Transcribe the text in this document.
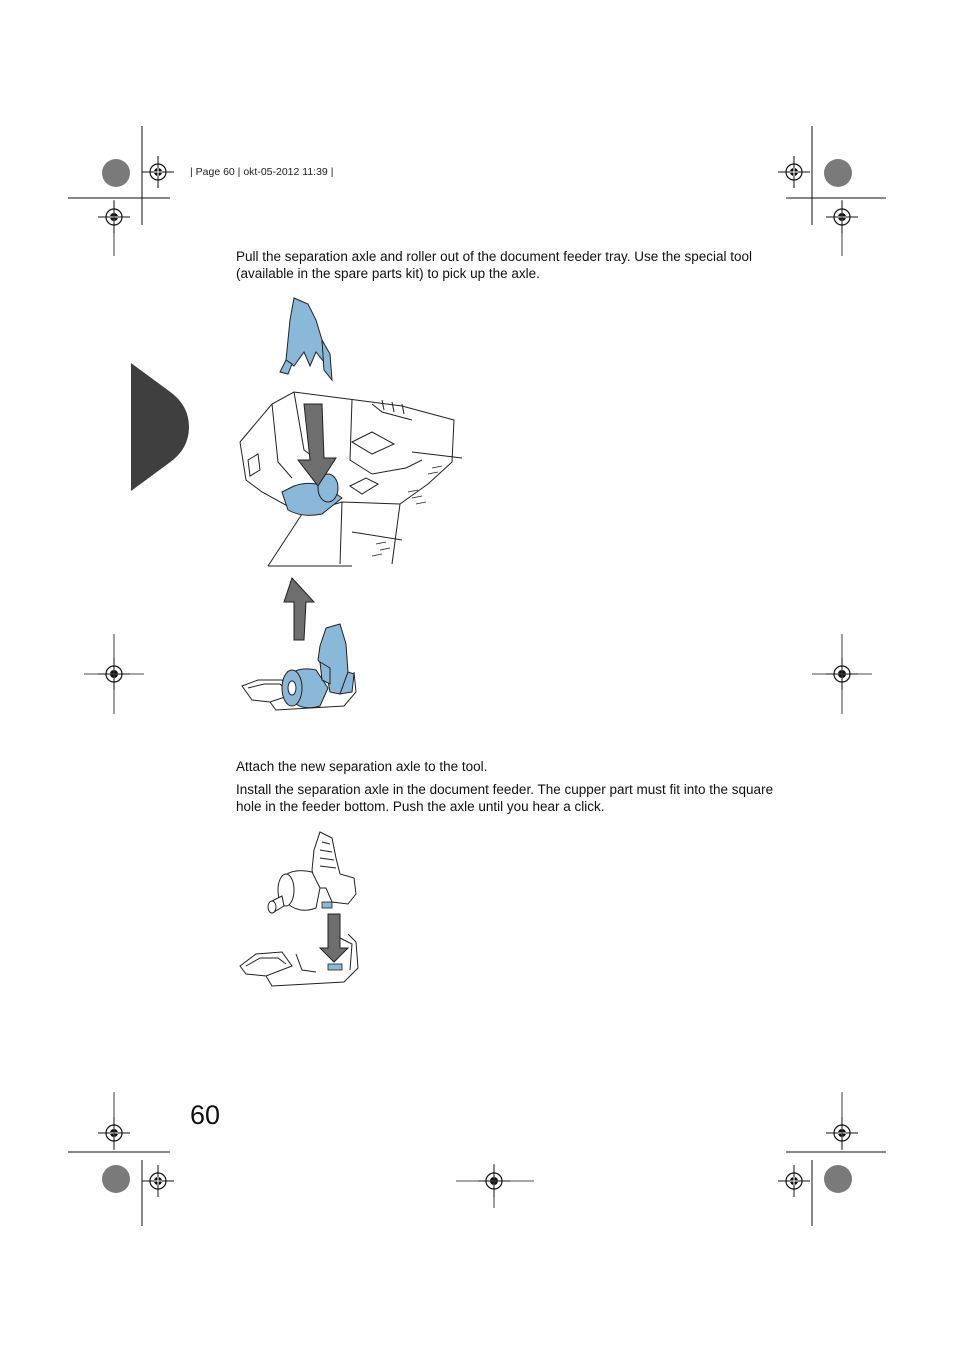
| Page 60 | okt-05-2012 11:39 |
Pull the separation axle and roller out of the document feeder tray. Use the special tool (available in the spare parts kit) to pick up the axle.
Attach the new separation axle to the tool.
Install the separation axle in the document feeder. The cupper part must fit into the square hole in the feeder bottom. Push the axle until you hear a click.
60
